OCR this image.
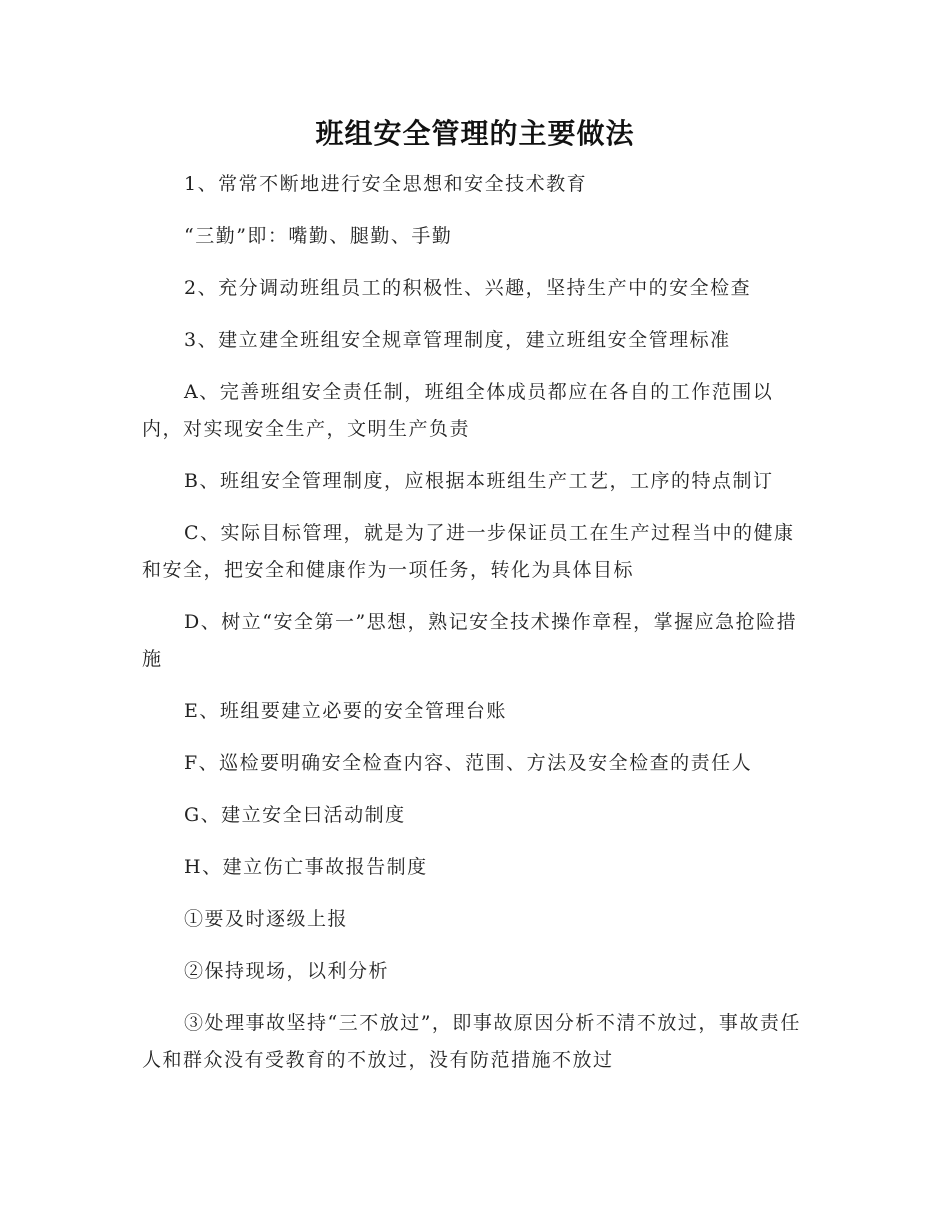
班组安全管理的主要做法

1、常常不断地进行安全思想和安全技术教育

“三勤”即：嘴勤、腿勤、手勤

2、充分调动班组员工的积极性、兴趣，坚持生产中的安全检查

3、建立建全班组安全规章管理制度，建立班组安全管理标准

A、完善班组安全责任制，班组全体成员都应在各自的工作范围以内，对实现安全生产，文明生产负责

B、班组安全管理制度，应根据本班组生产工艺，工序的特点制订

C、实际目标管理，就是为了进一步保证员工在生产过程当中的健康和安全，把安全和健康作为一项任务，转化为具体目标

D、树立“安全第一”思想，熟记安全技术操作章程，掌握应急抢险措施

E、班组要建立必要的安全管理台账

F、巡检要明确安全检查内容、范围、方法及安全检查的责任人

G、建立安全曰活动制度

H、建立伤亡事故报告制度

①要及时逐级上报

②保持现场，以利分析

③处理事故坚持“三不放过”，即事故原因分析不清不放过，事故责任人和群众没有受教育的不放过，没有防范措施不放过
